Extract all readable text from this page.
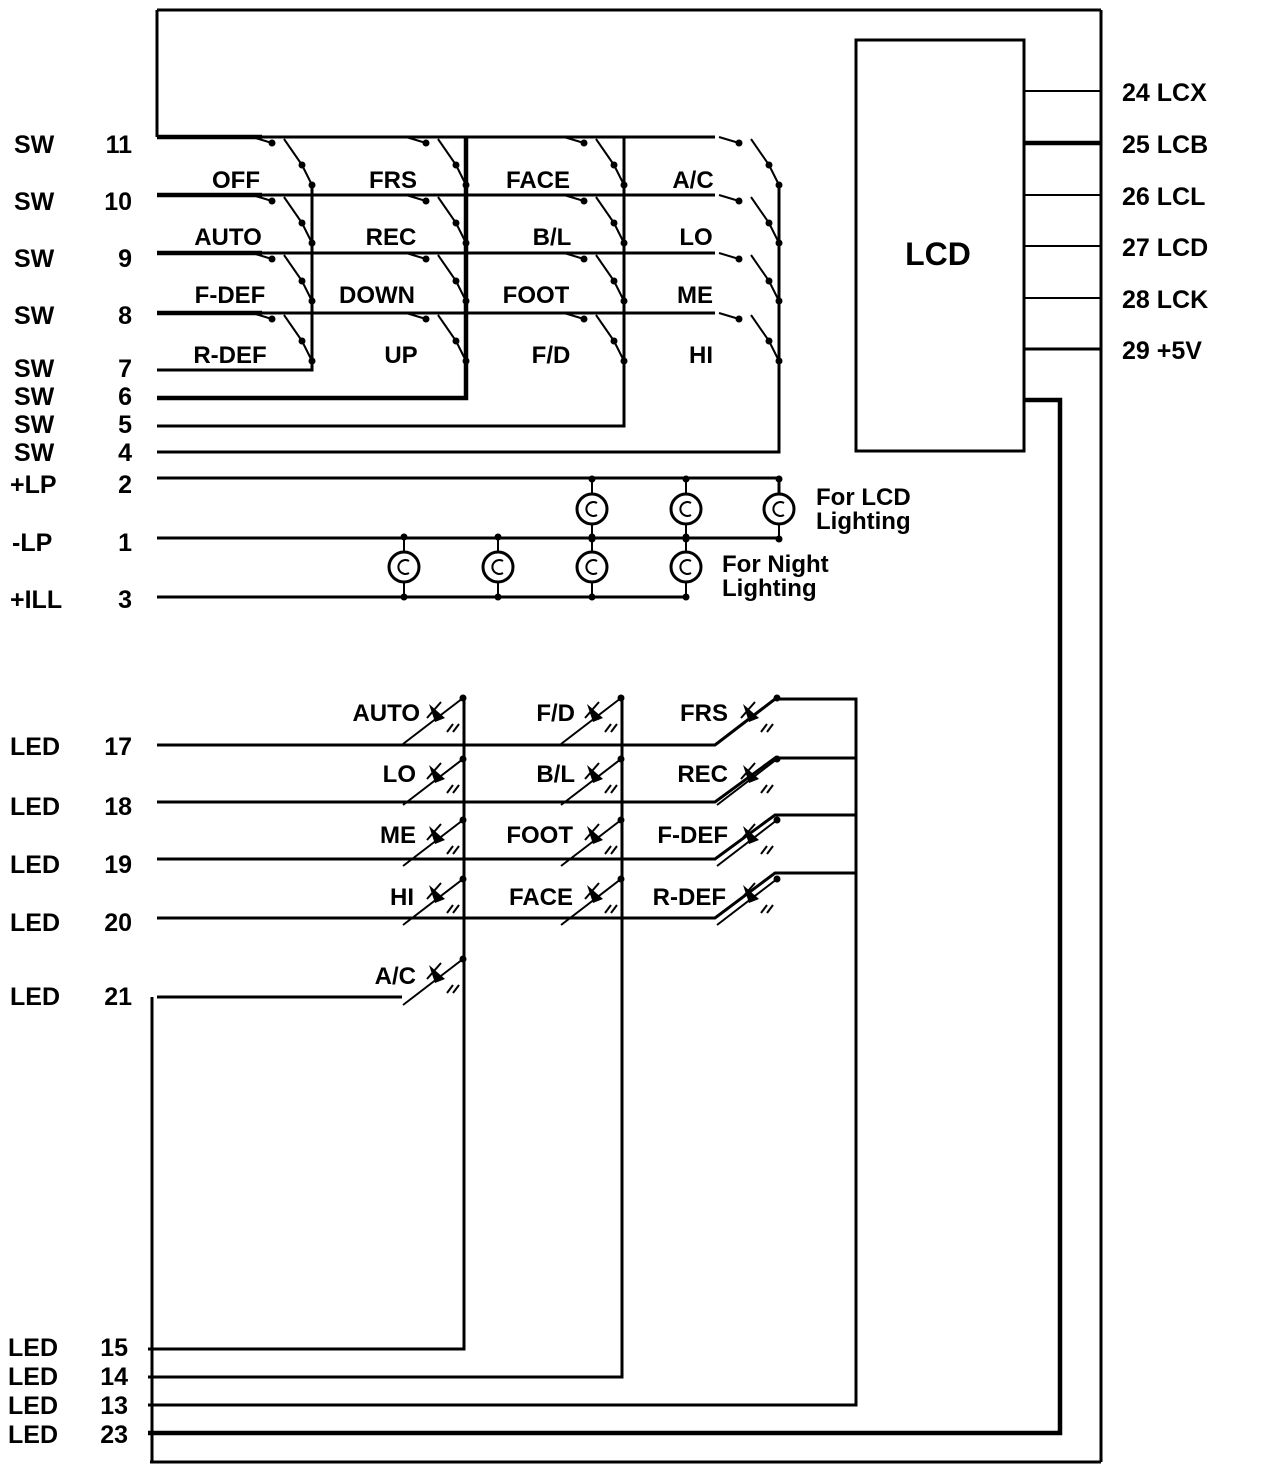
LCD
24 LCX
25 LCB
26 LCL
27 LCD
28 LCK
29 +5V
OFF
AUTO
F-DEF
R-DEF
FRS
REC
DOWN
UP
FACE
B/L
FOOT
F/D
A/C
LO
ME
HI
For LCD
Lighting
For Night
Lighting
AUTO
LO
ME
HI
A/C
F/D
B/L
FOOT
FACE
FRS
REC
F-DEF
R-DEF
SW 11
SW 10
SW	9
SW	8
SW	7
SW	6
SW	5
SW	4
+LP 2
-LP	1
+ILL 3
LED 17
LED 18
LED 19
LED 20
LED 21
LED 15
LED 14
LED 13
LED 23
